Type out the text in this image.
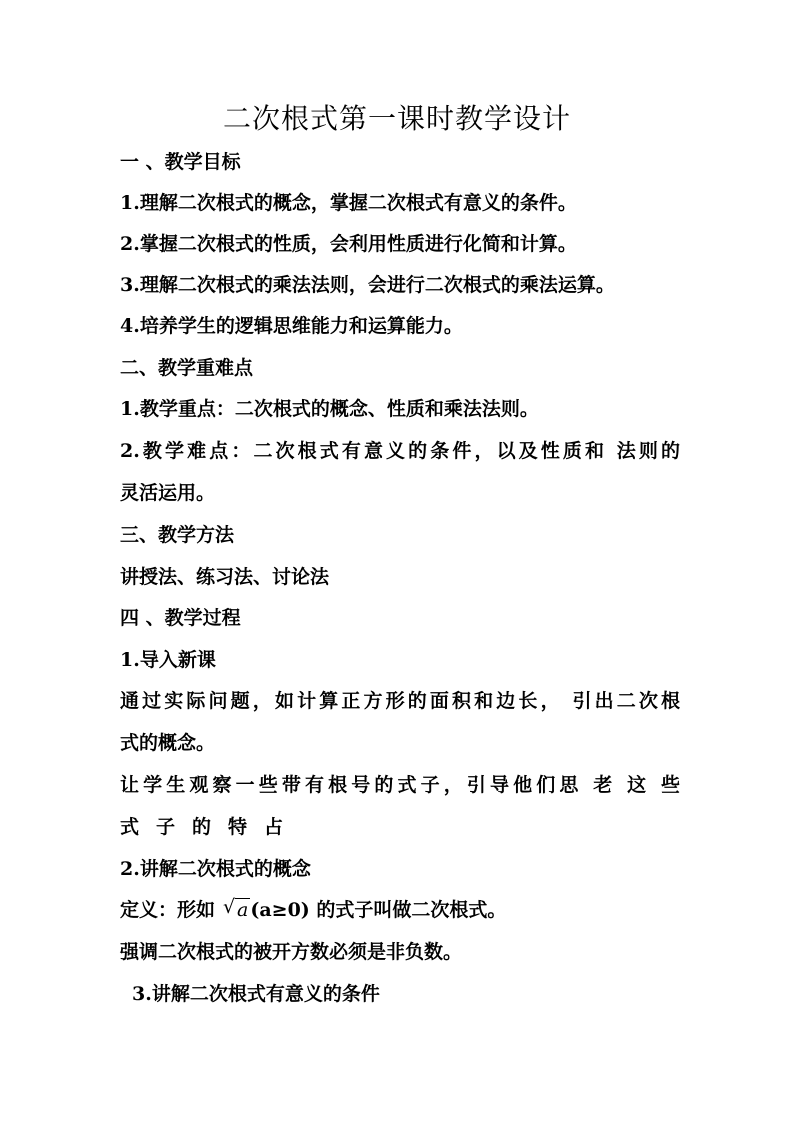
二次根式第一课时教学设计

一 、教学目标

1.理解二次根式的概念，掌握二次根式有意义的条件。

2.掌握二次根式的性质，会利用性质进行化简和计算。

3.理解二次根式的乘法法则，会进行二次根式的乘法运算。

4.培养学生的逻辑思维能力和运算能力。

二、教学重难点

1.教学重点：二次根式的概念、性质和乘法法则。

2.教学难点：二次根式有意义的条件，以及性质和 法则的

灵活运用。

三、教学方法

讲授法、练习法、讨论法

四 、教学过程

1.导入新课

通过实际问题，如计算正方形的面积和边长， 引出二次根

式的概念。

让学生观察一些带有根号的式子，引导他们思 老 这 些

式子的特占

2.讲解二次根式的概念

定义：形如 √ a (a≥0) 的式子叫做二次根式。

强调二次根式的被开方数必须是非负数。

3.讲解二次根式有意义的条件
